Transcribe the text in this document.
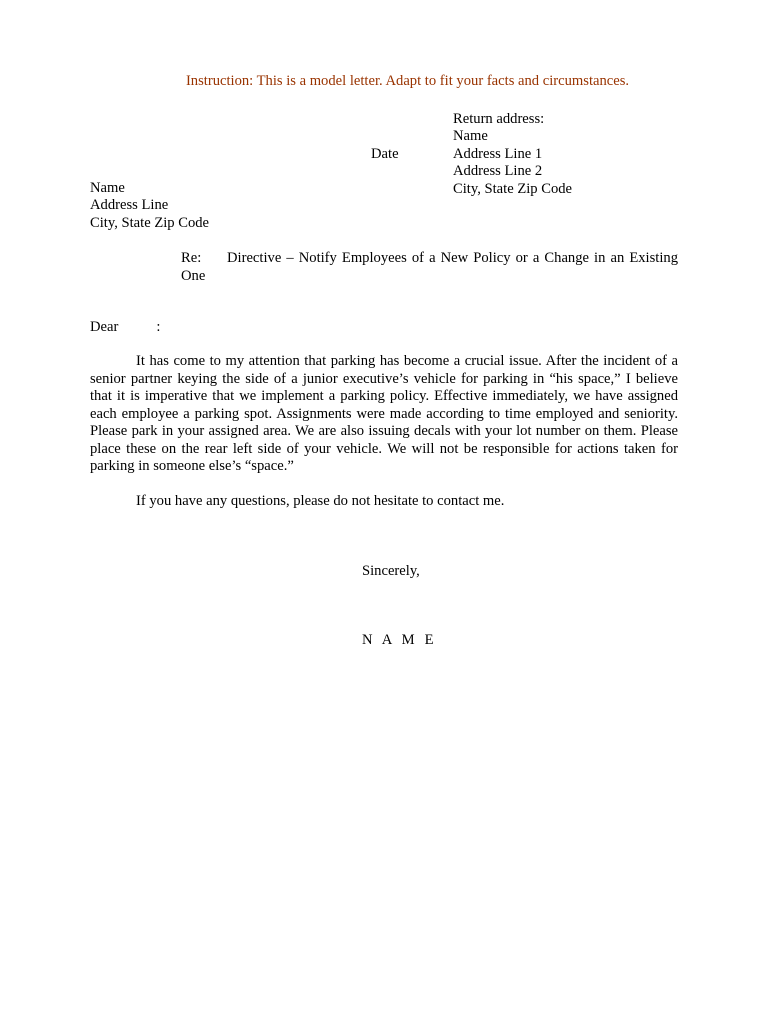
Instruction: This is a model letter. Adapt to fit your facts and circumstances.
Return address:
Name
Address Line 1
Address Line 2
City, State Zip Code
Date
Name
Address Line
City, State Zip Code
Re:	Directive – Notify Employees of a New Policy or a Change in an Existing One
Dear	:
It has come to my attention that parking has become a crucial issue. After the incident of a senior partner keying the side of a junior executive’s vehicle for parking in “his space,” I believe that it is imperative that we implement a parking policy. Effective immediately, we have assigned each employee a parking spot. Assignments were made according to time employed and seniority. Please park in your assigned area. We are also issuing decals with your lot number on them. Please place these on the rear left side of your vehicle. We will not be responsible for actions taken for parking in someone else’s “space.”
If you have any questions, please do not hesitate to contact me.
Sincerely,
N A M E
